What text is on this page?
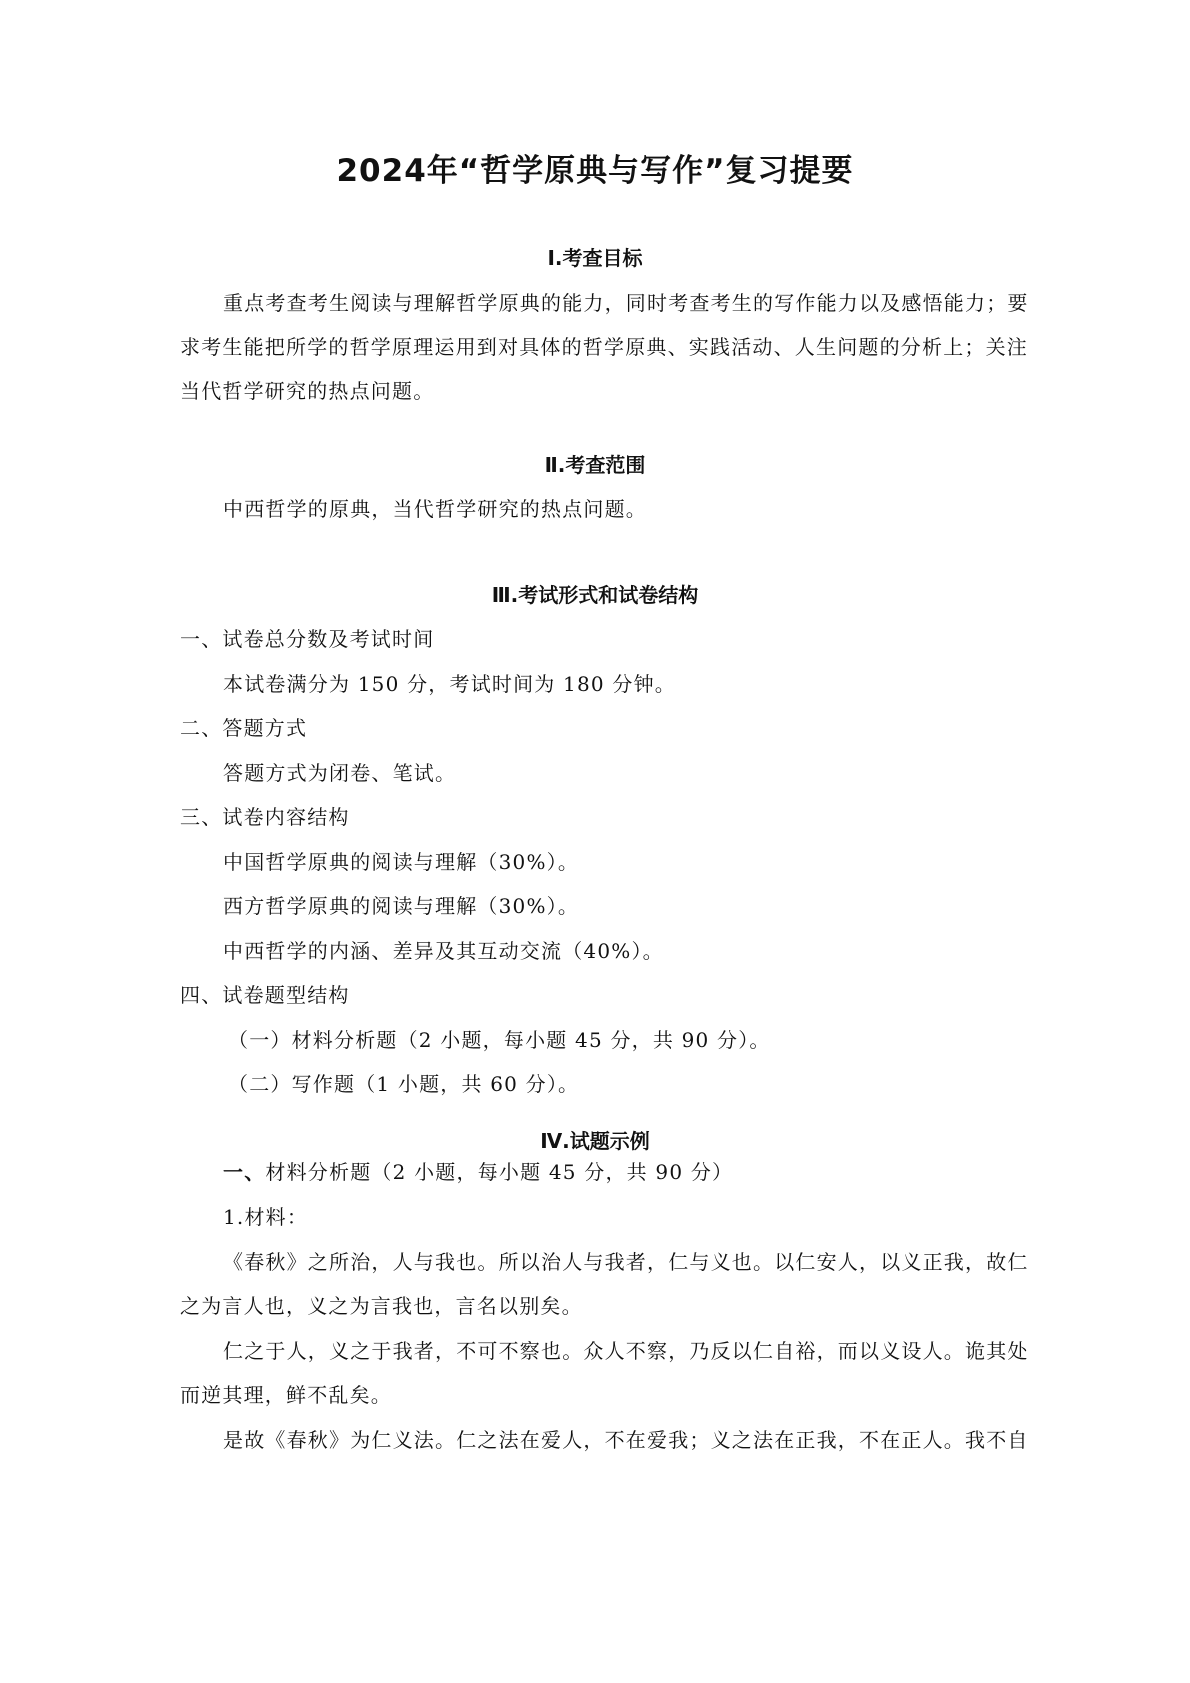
2024年“哲学原典与写作”复习提要
Ⅰ.考查目标
重点考查考生阅读与理解哲学原典的能力，同时考查考生的写作能力以及感悟能力；要
求考生能把所学的哲学原理运用到对具体的哲学原典、实践活动、人生问题的分析上；关注
当代哲学研究的热点问题。
Ⅱ.考查范围
中西哲学的原典，当代哲学研究的热点问题。
Ⅲ.考试形式和试卷结构
一、试卷总分数及考试时间
本试卷满分为 150 分，考试时间为 180 分钟。
二、答题方式
答题方式为闭卷、笔试。
三、试卷内容结构
中国哲学原典的阅读与理解（30%）。
西方哲学原典的阅读与理解（30%）。
中西哲学的内涵、差异及其互动交流（40%）。
四、试卷题型结构
（一）材料分析题（2 小题，每小题 45 分，共 90 分）。
（二）写作题（1 小题，共 60 分）。
Ⅳ.试题示例
一、材料分析题（2 小题，每小题 45 分，共 90 分）
1.材料：
《春秋》之所治，人与我也。所以治人与我者，仁与义也。以仁安人，以义正我，故仁
之为言人也，义之为言我也，言名以别矣。
仁之于人，义之于我者，不可不察也。众人不察，乃反以仁自裕，而以义设人。诡其处
而逆其理，鲜不乱矣。
是故《春秋》为仁义法。仁之法在爱人，不在爱我；义之法在正我，不在正人。我不自
